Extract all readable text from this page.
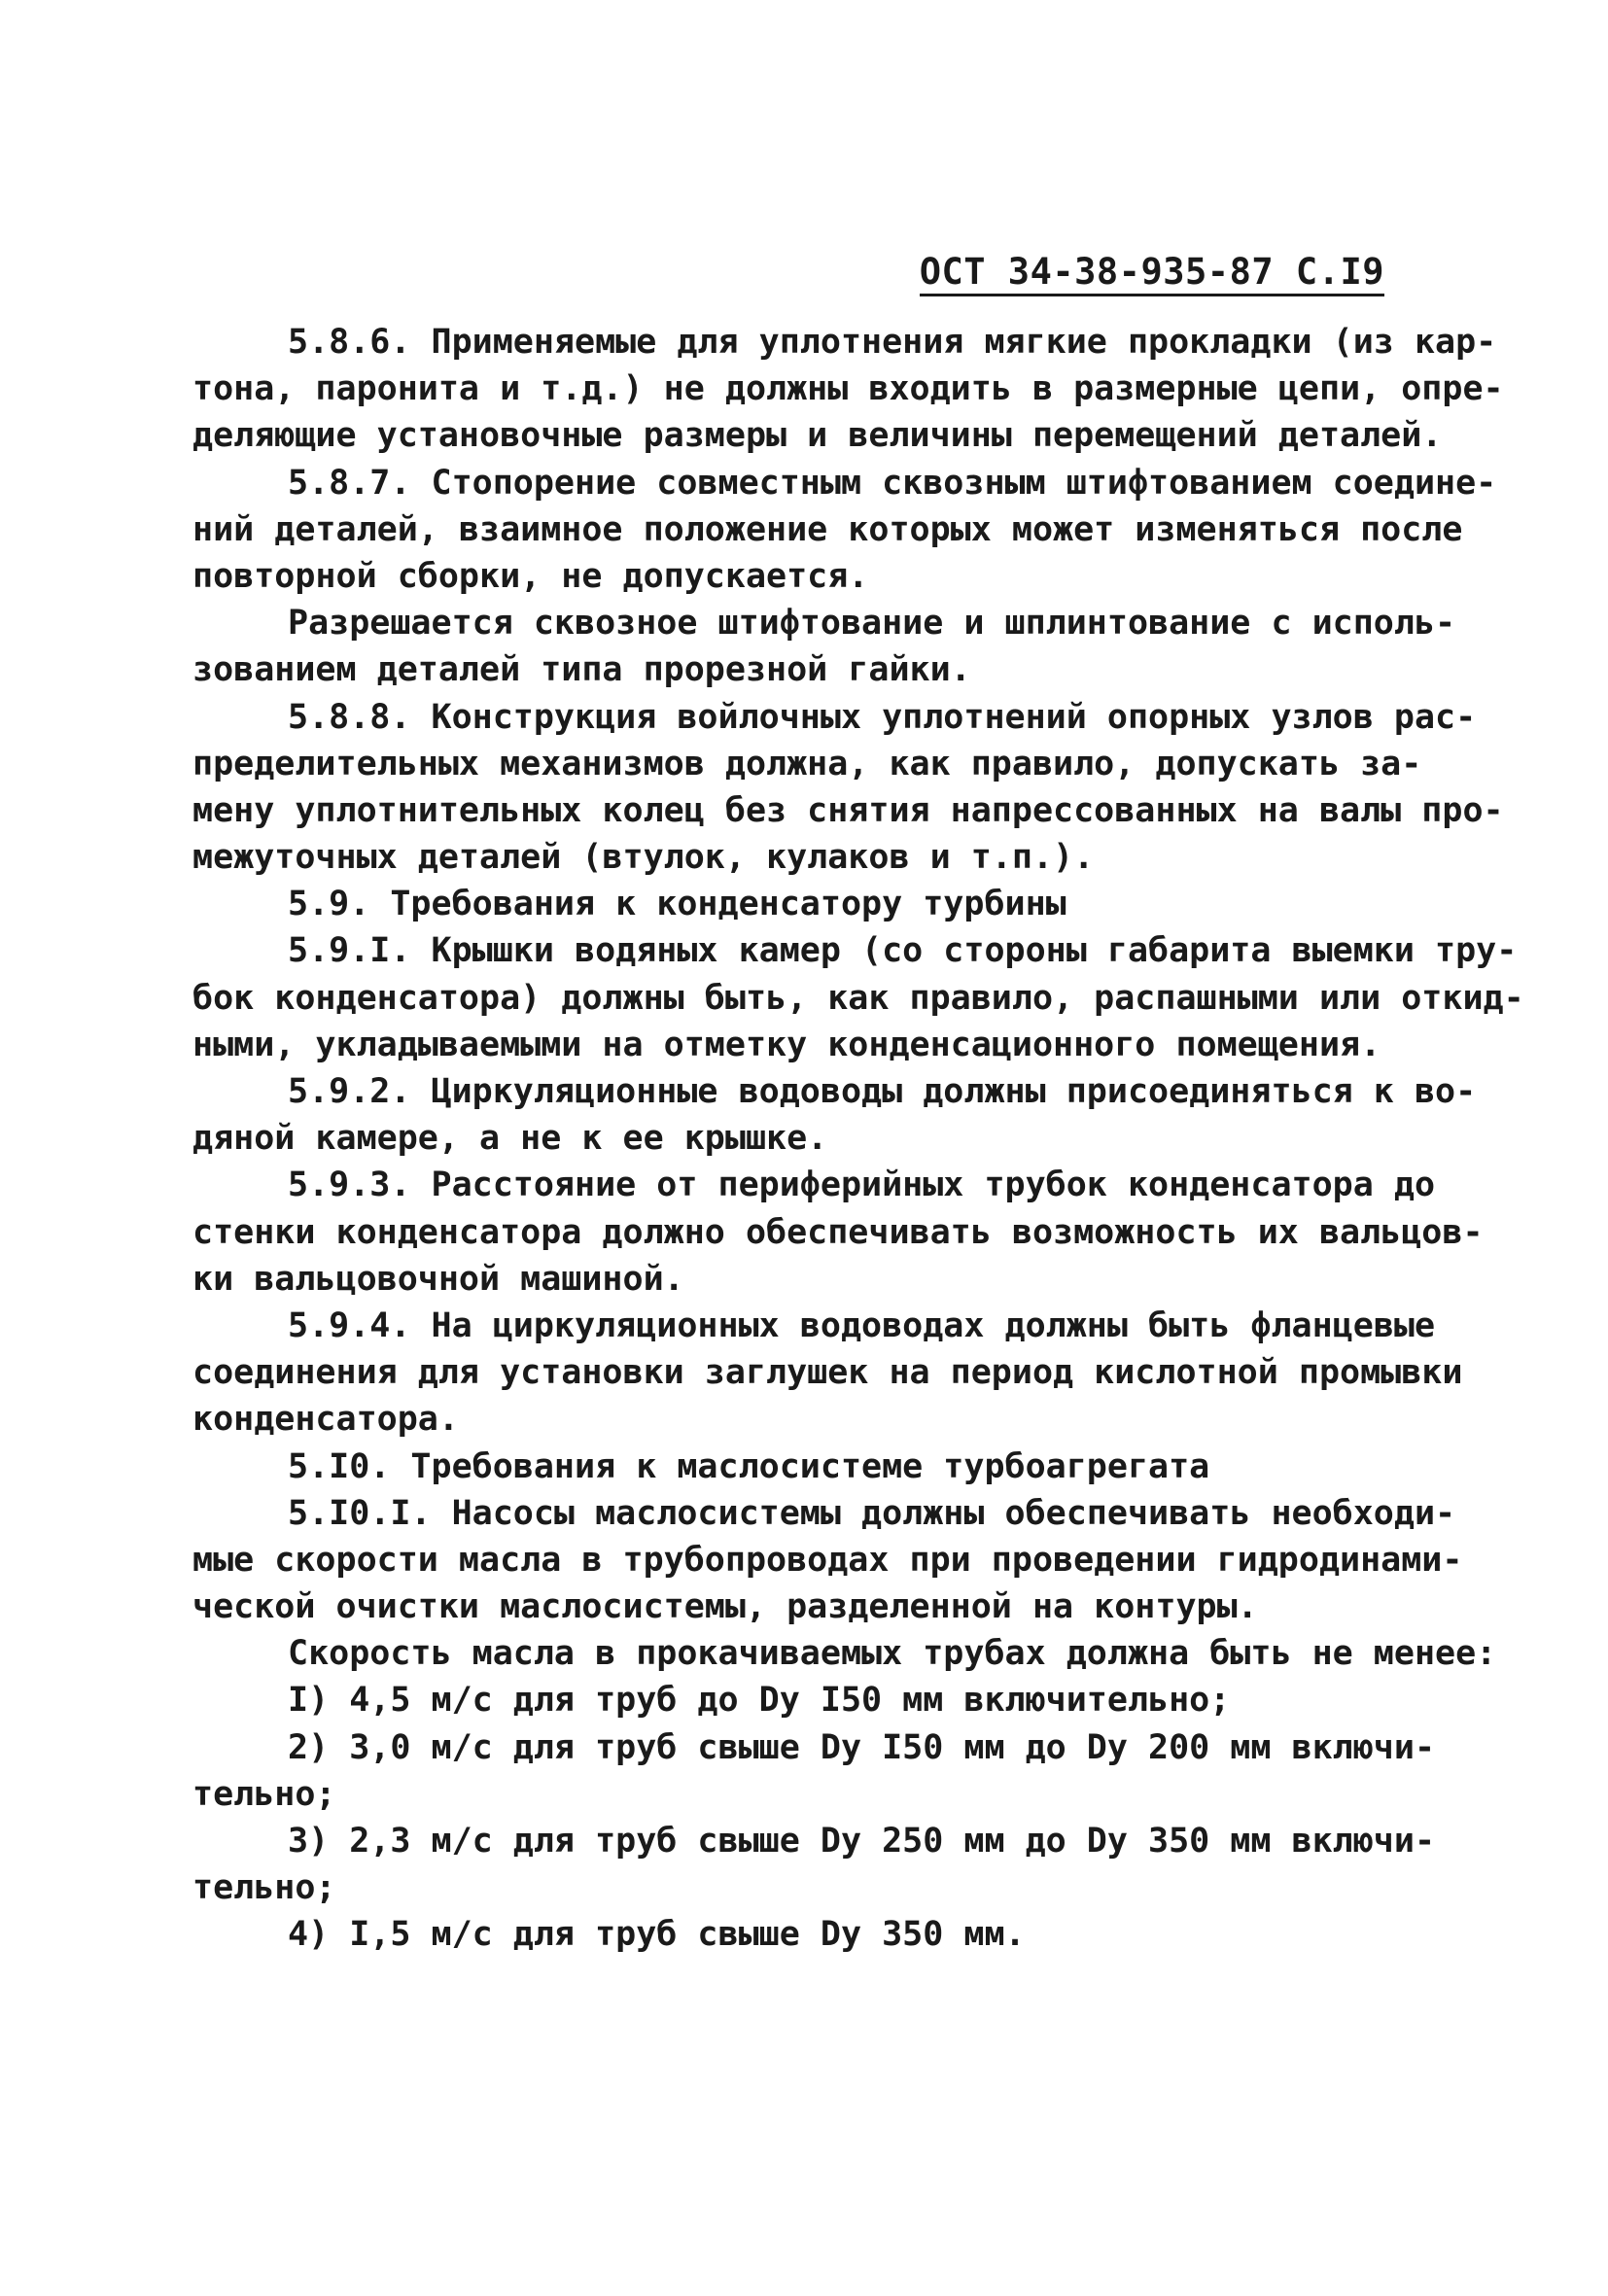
ОСТ 34-38-935-87 С.I9
5.8.6. Применяемые для уплотнения мягкие прокладки (из кар-
тона, паронита и т.д.) не должны входить в размерные цепи, опре-
деляющие установочные размеры и величины перемещений деталей.
5.8.7. Стопорение совместным сквозным штифтованием соедине-
ний деталей, взаимное положение которых может изменяться после
повторной сборки, не допускается.
Разрешается сквозное штифтование и шплинтование с исполь-
зованием деталей типа прорезной гайки.
5.8.8. Конструкция войлочных уплотнений опорных узлов рас-
пределительных механизмов должна, как правило, допускать за-
мену уплотнительных колец без снятия напрессованных на валы про-
межуточных деталей (втулок, кулаков и т.п.).
5.9. Требования к конденсатору турбины
5.9.I. Крышки водяных камер (со стороны габарита выемки тру-
бок конденсатора) должны быть, как правило, распашными или откид-
ными, укладываемыми на отметку конденсационного помещения.
5.9.2. Циркуляционные водоводы должны присоединяться к во-
дяной камере, а не к ее крышке.
5.9.3. Расстояние от периферийных трубок конденсатора до
стенки конденсатора должно обеспечивать возможность их вальцов-
ки вальцовочной машиной.
5.9.4. На циркуляционных водоводах должны быть фланцевые
соединения для установки заглушек на период кислотной промывки
конденсатора.
5.I0. Требования к маслосистеме турбоагрегата
5.I0.I. Насосы маслосистемы должны обеспечивать необходи-
мые скорости масла в трубопроводах при проведении гидродинами-
ческой очистки маслосистемы, разделенной на контуры.
Скорость масла в прокачиваемых трубах должна быть не менее:
I) 4,5 м/с для труб до Dy I50 мм включительно;
2) 3,0 м/с для труб свыше Dy I50 мм до Dy 200 мм включи-
тельно;
3) 2,3 м/с для труб свыше Dy 250 мм до Dy 350 мм включи-
тельно;
4) I,5 м/с для труб свыше Dy 350 мм.
